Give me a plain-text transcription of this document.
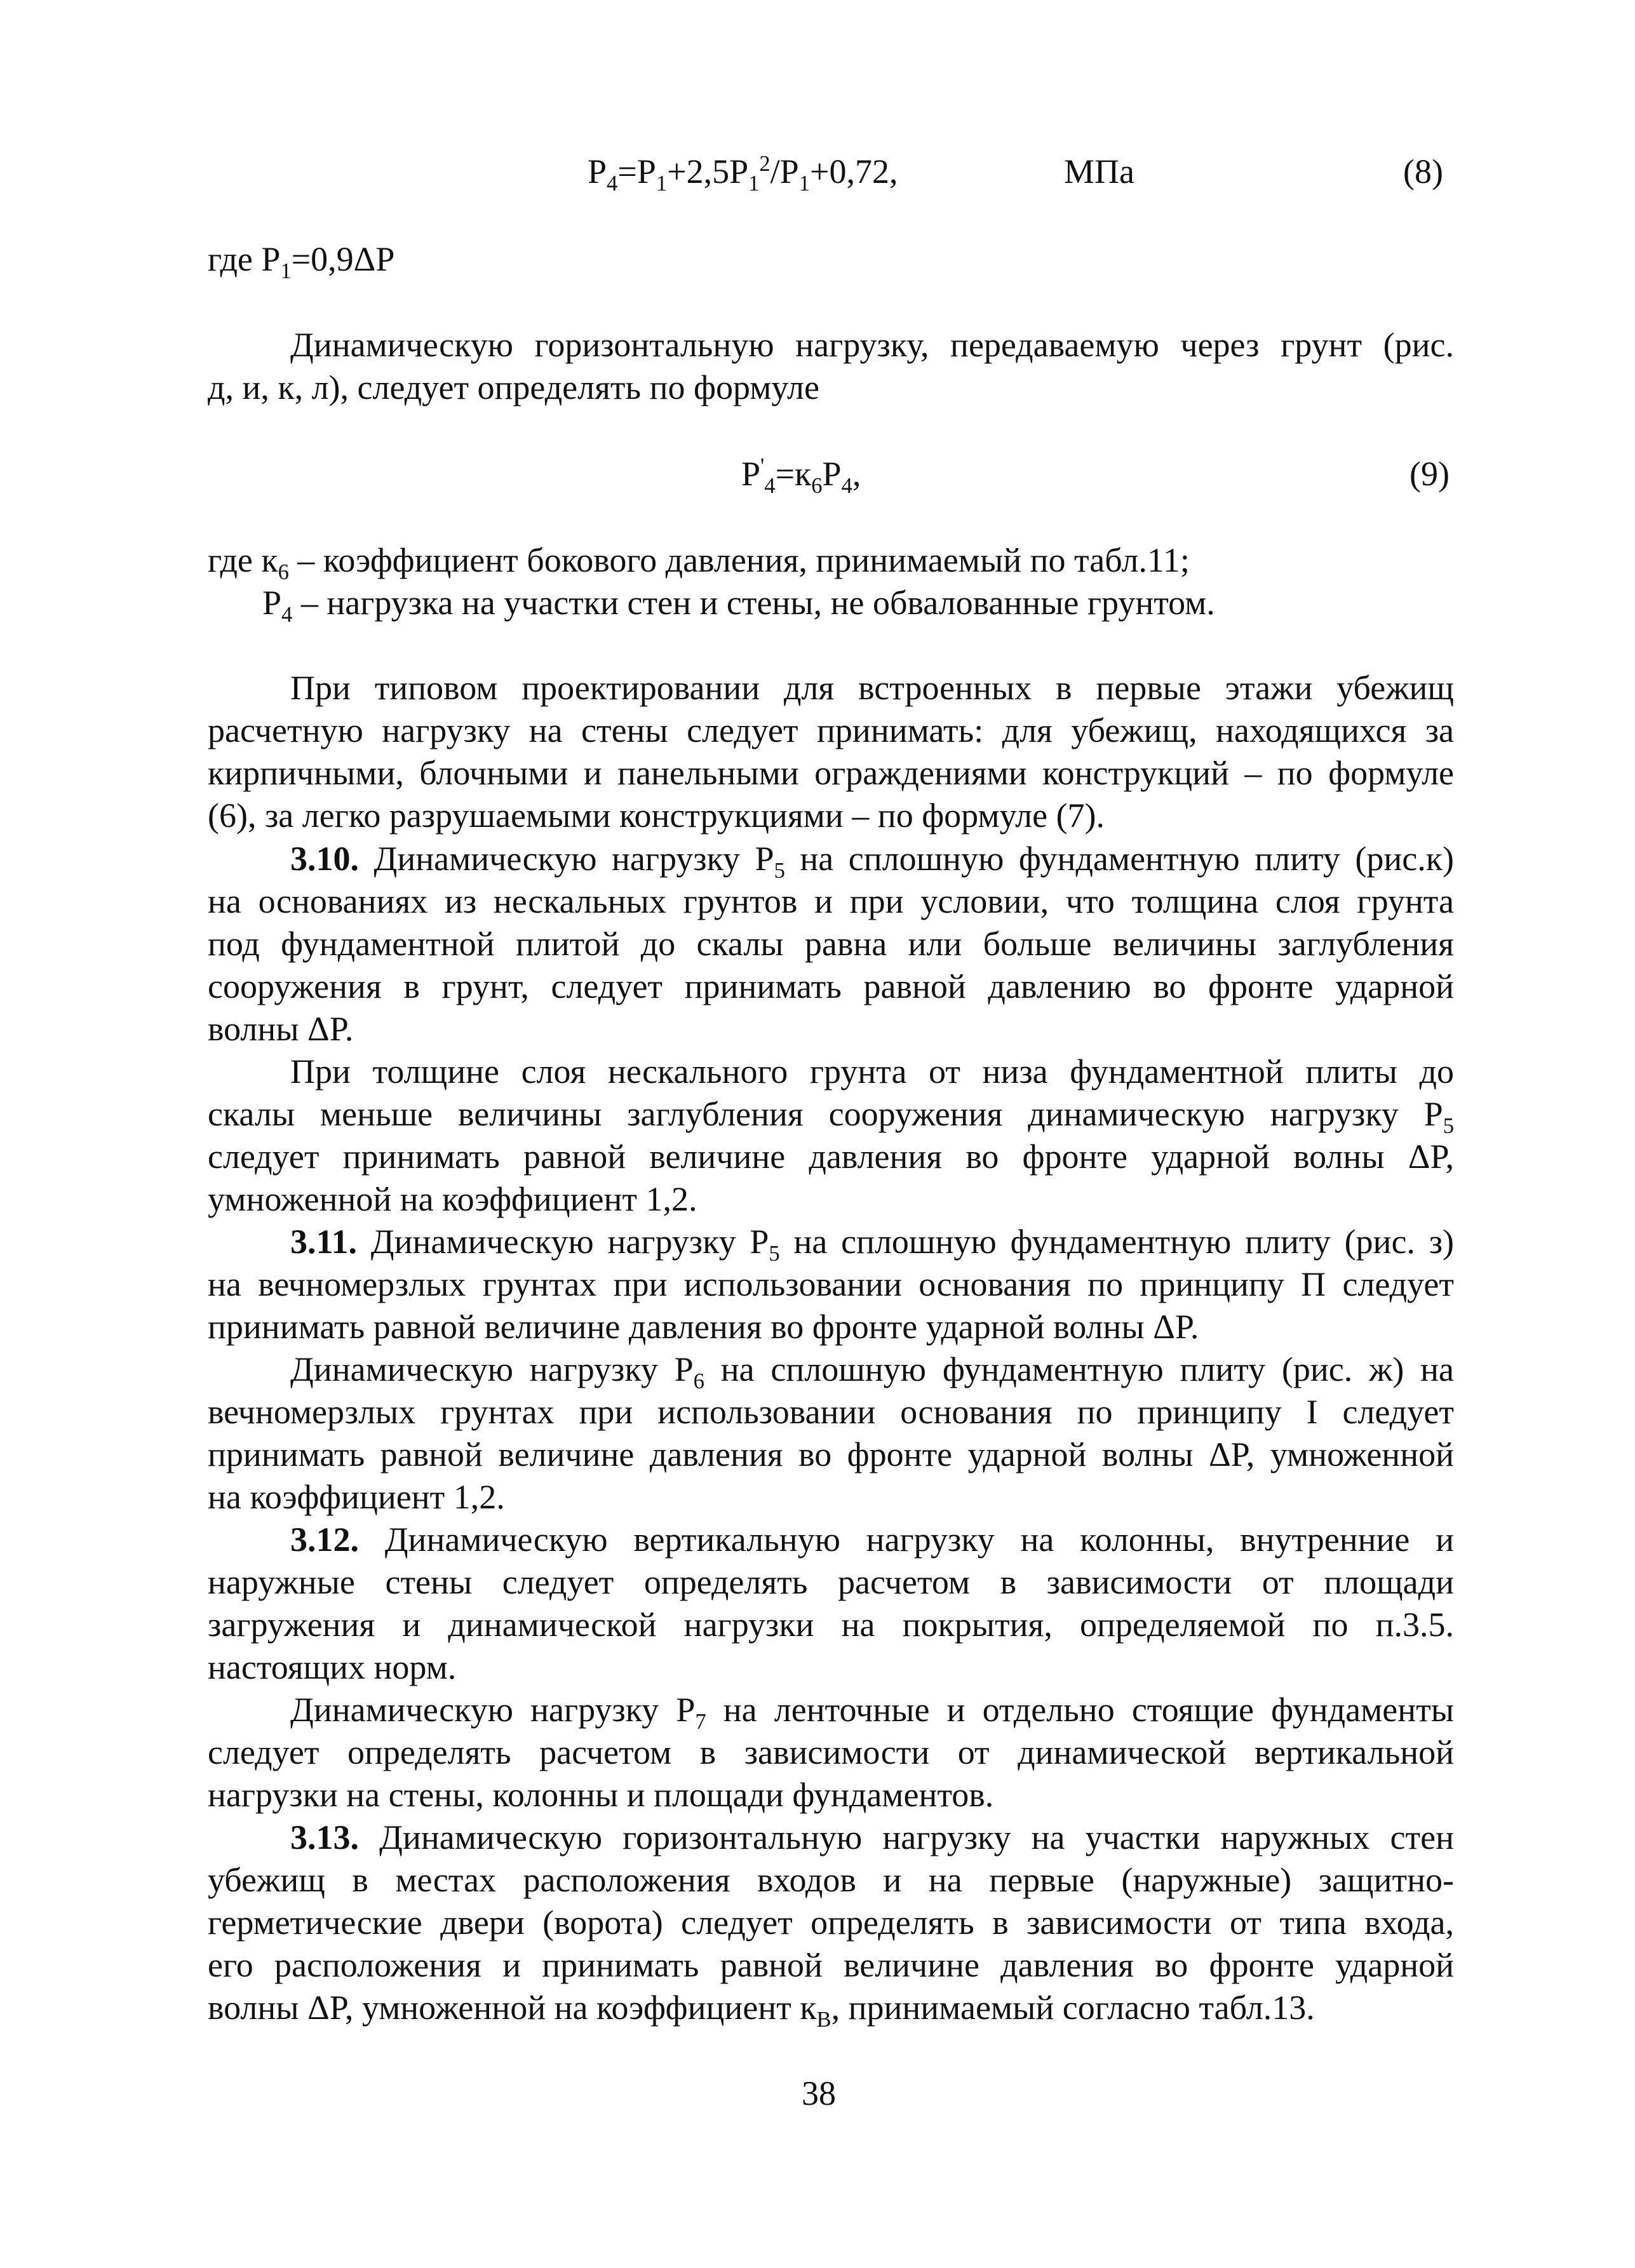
$P_4=P_1+2,5P_1^2/P_1+0,72$,	МПа	(8)
где $P_1=0,9\Delta P$
Динамическую горизонтальную нагрузку, передаваемую через грунт (рис.
д, и, к, л), следует определять по формуле
$P'_4=к_6P_4$,	(9)
где $к_6$ – коэффициент бокового давления, принимаемый по табл.11;
$P_4$ – нагрузка на участки стен и стены, не обвалованные грунтом.
При типовом проектировании для встроенных в первые этажи убежищ
расчетную нагрузку на стены следует принимать: для убежищ, находящихся за
кирпичными, блочными и панельными ограждениями конструкций – по формуле
(6), за легко разрушаемыми конструкциями – по формуле (7).
3.10. Динамическую нагрузку $P_5$ на сплошную фундаментную плиту (рис.к)
на основаниях из нескальных грунтов и при условии, что толщина слоя грунта
под фундаментной плитой до скалы равна или больше величины заглубления
сооружения в грунт, следует принимать равной давлению во фронте ударной
волны ΔP.
При толщине слоя нескального грунта от низа фундаментной плиты до
скалы меньше величины заглубления сооружения динамическую нагрузку $P_5$
следует принимать равной величине давления во фронте ударной волны ΔP,
умноженной на коэффициент 1,2.
3.11. Динамическую нагрузку $P_5$ на сплошную фундаментную плиту (рис. з)
на вечномерзлых грунтах при использовании основания по принципу П следует
принимать равной величине давления во фронте ударной волны ΔP.
Динамическую нагрузку $P_6$ на сплошную фундаментную плиту (рис. ж) на
вечномерзлых грунтах при использовании основания по принципу I следует
принимать равной величине давления во фронте ударной волны ΔP, умноженной
на коэффициент 1,2.
3.12. Динамическую вертикальную нагрузку на колонны, внутренние и
наружные стены следует определять расчетом в зависимости от площади
загружения и динамической нагрузки на покрытия, определяемой по п.3.5.
настоящих норм.
Динамическую нагрузку $P_7$ на ленточные и отдельно стоящие фундаменты
следует определять расчетом в зависимости от динамической вертикальной
нагрузки на стены, колонны и площади фундаментов.
3.13. Динамическую горизонтальную нагрузку на участки наружных стен
убежищ в местах расположения входов и на первые (наружные) защитно-
герметические двери (ворота) следует определять в зависимости от типа входа,
его расположения и принимать равной величине давления во фронте ударной
волны ΔP, умноженной на коэффициент $к_В$, принимаемый согласно табл.13.
38
